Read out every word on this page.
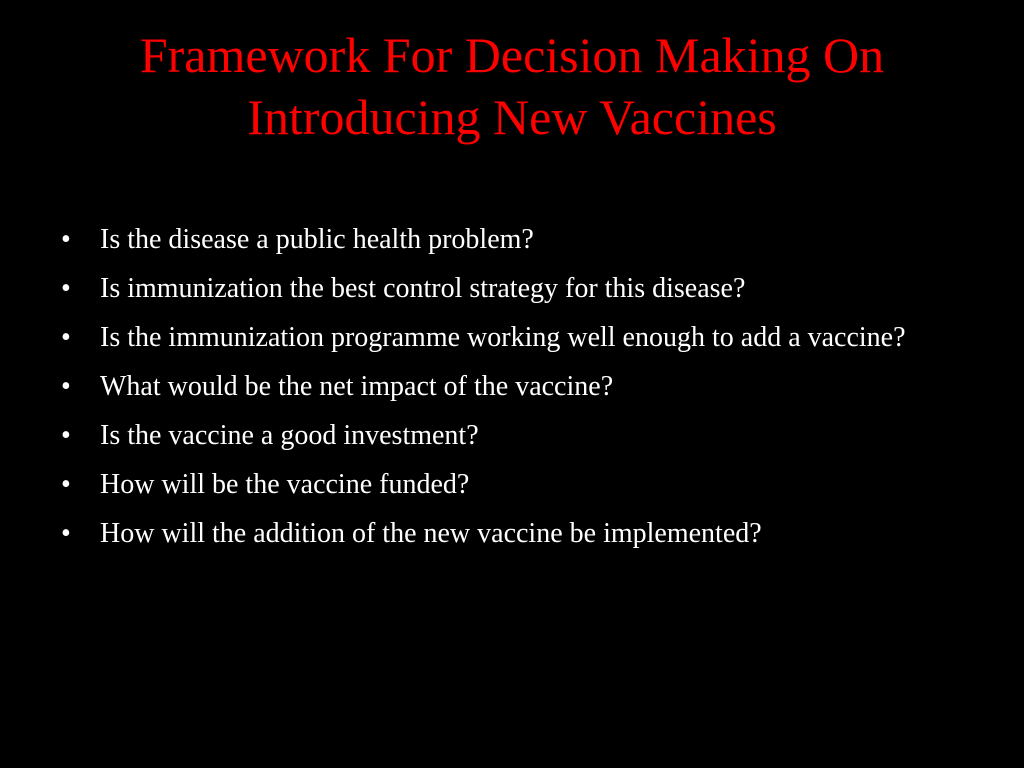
Framework For Decision Making On
Introducing New Vaccines
• Is the disease a public health problem?
• Is immunization the best control strategy for this disease?
• Is the immunization programme working well enough to add a vaccine?
• What would be the net impact of the vaccine?
• Is the vaccine a good investment?
• How will be the vaccine funded?
• How will the addition of the new vaccine be implemented?
